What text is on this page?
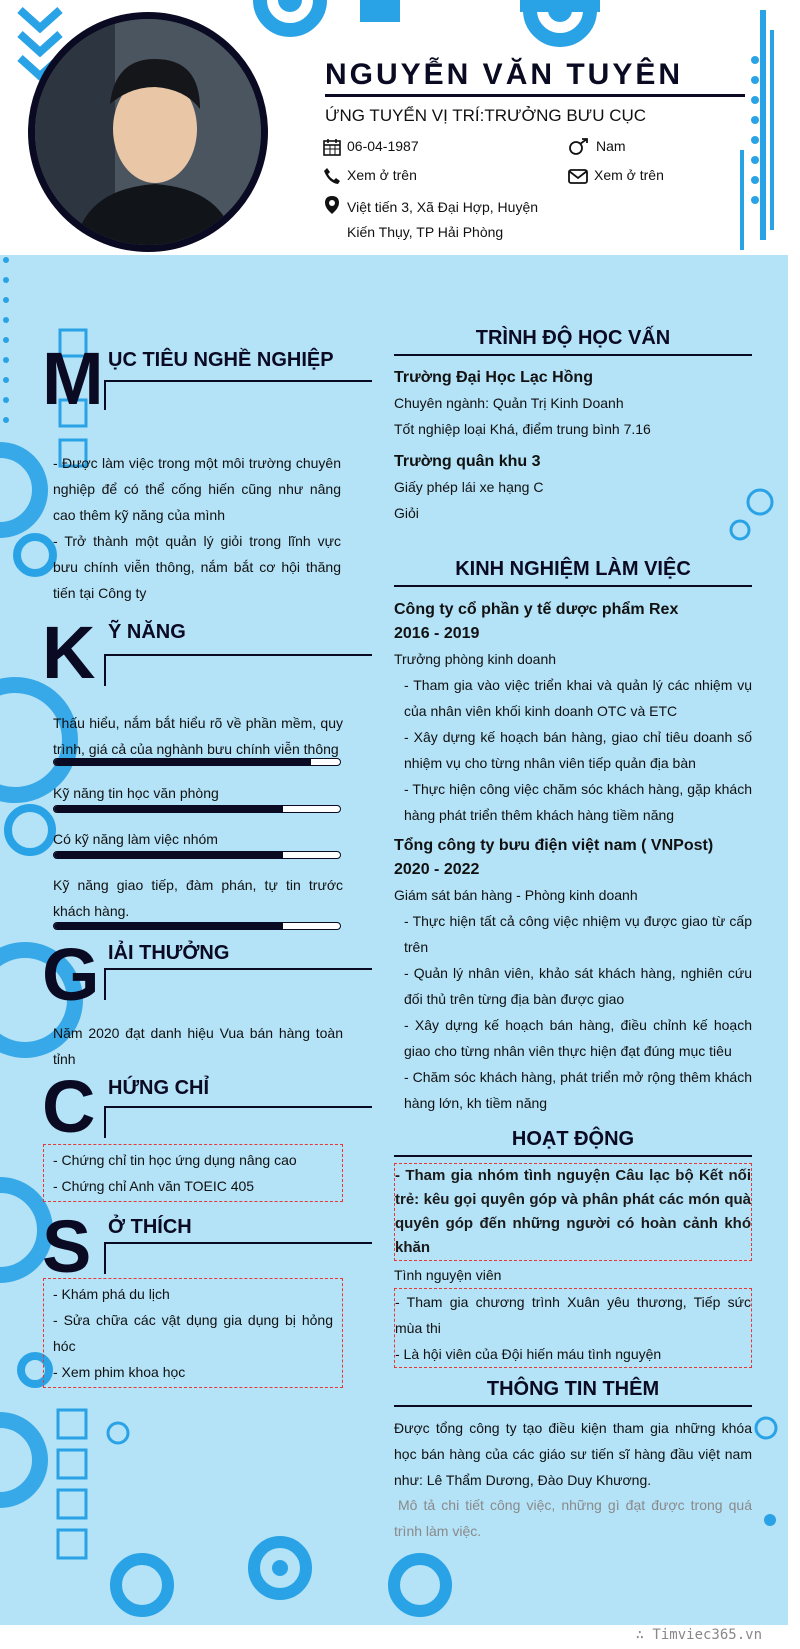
NGUYỄN VĂN TUYÊN
ỨNG TUYỂN VỊ TRÍ:TRƯỞNG BƯU CỤC
06-04-1987	Nam
Xem ở trên	Xem ở trên
Việt tiến 3, Xã Đại Hợp, Huyện
Kiến Thụy, TP Hải Phòng
M ỤC TIÊU NGHỀ NGHIỆP
- Được làm việc trong một môi trường chuyên nghiệp để có thể cống hiến cũng như nâng cao thêm kỹ năng của mình
- Trở thành một quản lý giỏi trong lĩnh vực bưu chính viễn thông, nắm bắt cơ hội thăng tiến tại Công ty
K Ỹ NĂNG
Thấu hiểu, nắm bắt hiểu rõ về phần mềm, quy trình, giá cả của nghành bưu chính viễn thông
Kỹ năng tin học văn phòng
Có kỹ năng làm việc nhóm
Kỹ năng giao tiếp, đàm phán, tự tin trước khách hàng.
G IẢI THƯỞNG
Năm 2020 đạt danh hiệu Vua bán hàng toàn tỉnh
C HỨNG CHỈ
- Chứng chỉ tin học ứng dụng nâng cao
- Chứng chỉ Anh văn TOEIC 405
S Ở THÍCH
- Khám phá du lịch
- Sửa chữa các vật dụng gia dụng bị hỏng hóc
- Xem phim khoa học
TRÌNH ĐỘ HỌC VẤN
Trường Đại Học Lạc Hồng
Chuyên ngành: Quản Trị Kinh Doanh
Tốt nghiệp loại Khá, điểm trung bình 7.16
Trường quân khu 3
Giấy phép lái xe hạng C
Giỏi
KINH NGHIỆM LÀM VIỆC
Công ty cổ phần y tế dược phẩm Rex
2016 - 2019
Trưởng phòng kinh doanh
- Tham gia vào việc triển khai và quản lý các nhiệm vụ của nhân viên khối kinh doanh OTC và ETC
- Xây dựng kế hoạch bán hàng, giao chỉ tiêu doanh số nhiệm vụ cho từng nhân viên tiếp quản địa bàn
- Thực hiện công việc chăm sóc khách hàng, gặp khách hàng phát triển thêm khách hàng tiềm năng
Tổng công ty bưu điện việt nam ( VNPost)
2020 - 2022
Giám sát bán hàng - Phòng kinh doanh
- Thực hiện tất cả công việc nhiệm vụ được giao từ cấp trên
- Quản lý nhân viên, khảo sát khách hàng, nghiên cứu đối thủ trên từng địa bàn được giao
- Xây dựng kế hoạch bán hàng, điều chỉnh kế hoạch giao cho từng nhân viên thực hiện đạt đúng mục tiêu
- Chăm sóc khách hàng, phát triển mở rộng thêm khách hàng lớn, kh tiềm năng
HOẠT ĐỘNG
- Tham gia nhóm tình nguyện Câu lạc bộ Kết nối trẻ: kêu gọi quyên góp và phân phát các món quà quyên góp đến những người có hoàn cảnh khó khăn
Tình nguyện viên
- Tham gia chương trình Xuân yêu thương, Tiếp sức mùa thi
- Là hội viên của Đội hiến máu tình nguyện
THÔNG TIN THÊM
Được tổng công ty tạo điều kiện tham gia những khóa học bán hàng của các giáo sư tiến sĩ hàng đầu việt nam như: Lê Thẩm Dương, Đào Duy Khương.
Mô tả chi tiết công việc, những gì đạt được trong quá trình làm việc.
∴ Timviec365.vn
